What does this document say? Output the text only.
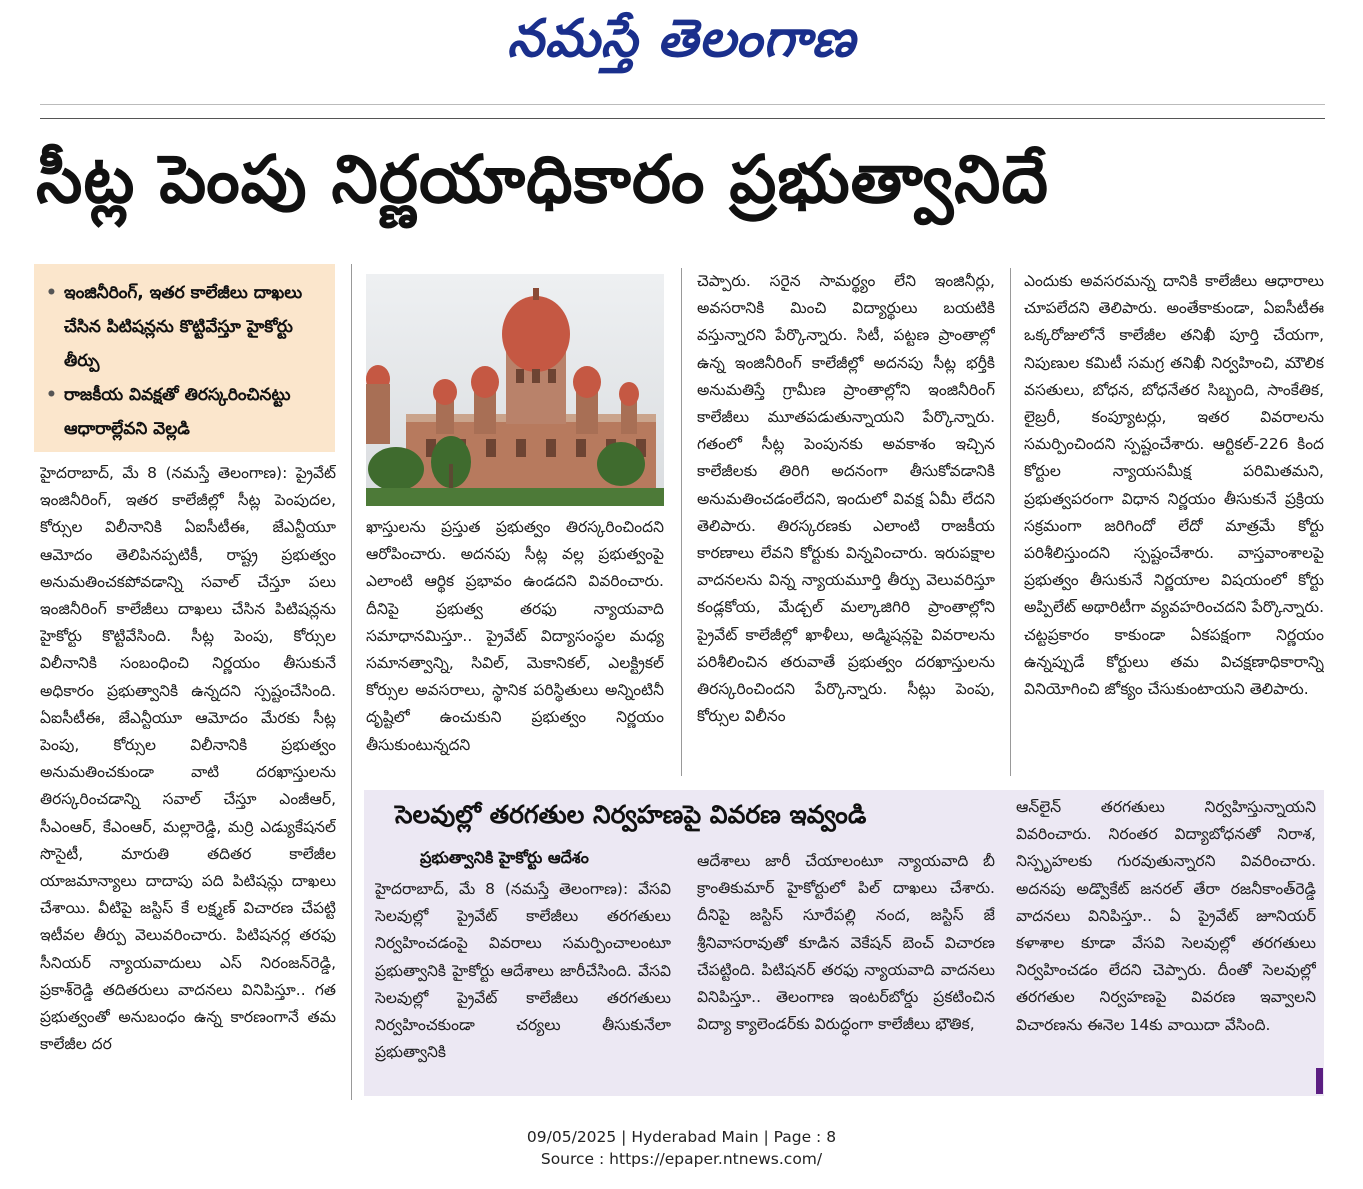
నమస్తే తెలంగాణ
సీట్ల పెంపు నిర్ణయాధికారం ప్రభుత్వానిదే
• ఇంజినీరింగ్‌, ఇతర కాలేజీలు దాఖలు చేసిన పిటిషన్లను కొట్టివేస్తూ హైకోర్టు తీర్పు
• రాజకీయ వివక్షతో తిరస్కరించినట్టు ఆధారాల్లేవని వెల్లడి

హైదరాబాద్‌, మే 8 (నమస్తే తెలంగాణ): ప్రైవేట్‌ ఇంజినీరింగ్‌, ఇతర కాలేజీల్లో సీట్ల పెంపుదల, కోర్సుల విలీనానికి ఏఐసీటీఈ, జేఎన్టీయూ ఆమోదం తెలిపినప్పటికీ, రాష్ట్ర ప్రభుత్వం అనుమతించకపోవడాన్ని సవాల్‌ చేస్తూ పలు ఇంజినీరింగ్‌ కాలేజీలు దాఖలు చేసిన పిటిషన్లను హైకోర్టు కొట్టివేసింది. సీట్ల పెంపు, కోర్సుల విలీనానికి సంబంధించి నిర్ణయం తీసుకునే అధికారం ప్రభుత్వానికి ఉన్నదని స్పష్టంచేసింది. ఏఐసీటీఈ, జేఎన్టీయూ ఆమోదం మేరకు సీట్ల పెంపు, కోర్సుల విలీనానికి ప్రభుత్వం అనుమతించకుండా వాటి దరఖాస్తులను తిరస్కరించడాన్ని సవాల్‌ చేస్తూ ఎంజీఆర్‌, సీఎంఆర్‌, కేఎంఆర్‌, మల్లారెడ్డి, మర్రి ఎడ్యుకేషనల్‌ సొసైటీ, మారుతి తదితర కాలేజీల యాజమాన్యాలు దాదాపు పది పిటిషన్లు దాఖలు చేశాయి. వీటిపై జస్టిస్‌ కే లక్ష్మణ్‌ విచారణ చేపట్టి ఇటీవల తీర్పు వెలువరించారు. పిటిషనర్ల తరఫు సీనియర్‌ న్యాయవాదులు ఎస్‌ నిరంజన్‌రెడ్డి, ప్రకాశ్‌రెడ్డి తదితరులు వాదనలు వినిపిస్తూ.. గత ప్రభుత్వంతో అనుబంధం ఉన్న కారణంగానే తమ కాలేజీల దర

ఖాస్తులను ప్రస్తుత ప్రభుత్వం తిరస్కరించిందని ఆరోపించారు. అదనపు సీట్ల వల్ల ప్రభుత్వంపై ఎలాంటి ఆర్థిక ప్రభావం ఉండదని వివరించారు. దీనిపై ప్రభుత్వ తరఫు న్యాయవాది సమాధానమిస్తూ.. ప్రైవేట్‌ విద్యాసంస్థల మధ్య సమానత్వాన్ని, సివిల్‌, మెకానికల్‌, ఎలక్ట్రికల్‌ కోర్సుల అవసరాలు, స్థానిక పరిస్థితులు అన్నింటినీ దృష్టిలో ఉంచుకుని ప్రభుత్వం నిర్ణయం తీసుకుంటున్నదని

చెప్పారు. సరైన సామర్థ్యం లేని ఇంజినీర్లు, అవసరానికి మించి విద్యార్థులు బయటికి వస్తున్నారని పేర్కొన్నారు. సిటీ, పట్టణ ప్రాంతాల్లో ఉన్న ఇంజినీరింగ్‌ కాలేజీల్లో అదనపు సీట్ల భర్తీకి అనుమతిస్తే గ్రామీణ ప్రాంతాల్లోని ఇంజినీరింగ్‌ కాలేజీలు మూతపడుతున్నాయని పేర్కొన్నారు. గతంలో సీట్ల పెంపునకు అవకాశం ఇచ్చిన కాలేజీలకు తిరిగి అదనంగా తీసుకోవడానికి అనుమతించడంలేదని, ఇందులో వివక్ష ఏమీ లేదని తెలిపారు. తిరస్కరణకు ఎలాంటి రాజకీయ కారణాలు లేవని కోర్టుకు విన్నవించారు. ఇరుపక్షాల వాదనలను విన్న న్యాయమూర్తి తీర్పు వెలువరిస్తూ కండ్లకోయ, మేడ్చల్‌ మల్కాజిగిరి ప్రాంతాల్లోని ప్రైవేట్‌ కాలేజీల్లో ఖాళీలు, అడ్మిషన్లపై వివరాలను పరిశీలించిన తరువాతే ప్రభుత్వం దరఖాస్తులను తిరస్కరించిందని పేర్కొన్నారు. సీట్లు పెంపు, కోర్సుల విలీనం

ఎందుకు అవసరమన్న దానికి కాలేజీలు ఆధారాలు చూపలేదని తెలిపారు. అంతేకాకుండా, ఏఐసీటీఈ ఒక్కరోజులోనే కాలేజీల తనిఖీ పూర్తి చేయగా, నిపుణుల కమిటీ సమగ్ర తనిఖీ నిర్వహించి, మౌలిక వసతులు, బోధన, బోధనేతర సిబ్బంది, సాంకేతిక, లైబ్రరీ, కంప్యూటర్లు, ఇతర వివరాలను సమర్పించిందని స్పష్టంచేశారు. ఆర్టికల్‌-226 కింద కోర్టుల న్యాయసమీక్ష పరిమితమని, ప్రభుత్వపరంగా విధాన నిర్ణయం తీసుకునే ప్రక్రియ సక్రమంగా జరిగిందో లేదో మాత్రమే కోర్టు పరిశీలిస్తుందని స్పష్టంచేశారు. వాస్తవాంశాలపై ప్రభుత్వం తీసుకునే నిర్ణయాల విషయంలో కోర్టు అప్పిలేట్‌ అథారిటీగా వ్యవహరించదని పేర్కొన్నారు. చట్టప్రకారం కాకుండా ఏకపక్షంగా నిర్ణయం ఉన్నప్పుడే కోర్టులు తమ విచక్షణాధికారాన్ని వినియోగించి జోక్యం చేసుకుంటాయని తెలిపారు.

సెలవుల్లో తరగతుల నిర్వహణపై వివరణ ఇవ్వండి
ప్రభుత్వానికి హైకోర్టు ఆదేశం

హైదరాబాద్‌, మే 8 (నమస్తే తెలంగాణ): వేసవి సెలవుల్లో ప్రైవేట్‌ కాలేజీలు తరగతులు నిర్వహించడంపై వివరాలు సమర్పించాలంటూ ప్రభుత్వానికి హైకోర్టు ఆదేశాలు జారీచేసింది. వేసవి సెలవుల్లో ప్రైవేట్‌ కాలేజీలు తరగతులు నిర్వహించకుండా చర్యలు తీసుకునేలా ప్రభుత్వానికి

ఆదేశాలు జారీ చేయాలంటూ న్యాయవాది బీ క్రాంతికుమార్‌ హైకోర్టులో పిల్‌ దాఖలు చేశారు. దీనిపై జస్టిస్‌ సూరేపల్లి నంద, జస్టిస్‌ జే శ్రీనివాసరావుతో కూడిన వెకేషన్‌ బెంచ్‌ విచారణ చేపట్టింది. పిటిషనర్‌ తరఫు న్యాయవాది వాదనలు వినిపిస్తూ.. తెలంగాణ ఇంటర్‌బోర్డు ప్రకటించిన విద్యా క్యాలెండర్‌కు విరుద్ధంగా కాలేజీలు భౌతిక,

ఆన్‌లైన్‌ తరగతులు నిర్వహిస్తున్నాయని వివరించారు. నిరంతర విద్యాబోధనతో నిరాశ, నిస్పృహలకు గురవుతున్నారని వివరించారు. అదనపు అడ్వొకేట్‌ జనరల్‌ తేరా రజనీకాంత్‌రెడ్డి వాదనలు వినిపిస్తూ.. ఏ ప్రైవేట్‌ జూనియర్‌ కళాశాల కూడా వేసవి సెలవుల్లో తరగతులు నిర్వహించడం లేదని చెప్పారు. దీంతో సెలవుల్లో తరగతుల నిర్వహణపై వివరణ ఇవ్వాలని విచారణను ఈనెల 14కు వాయిదా వేసింది.

09/05/2025 | Hyderabad Main | Page : 8
Source : https://epaper.ntnews.com/
